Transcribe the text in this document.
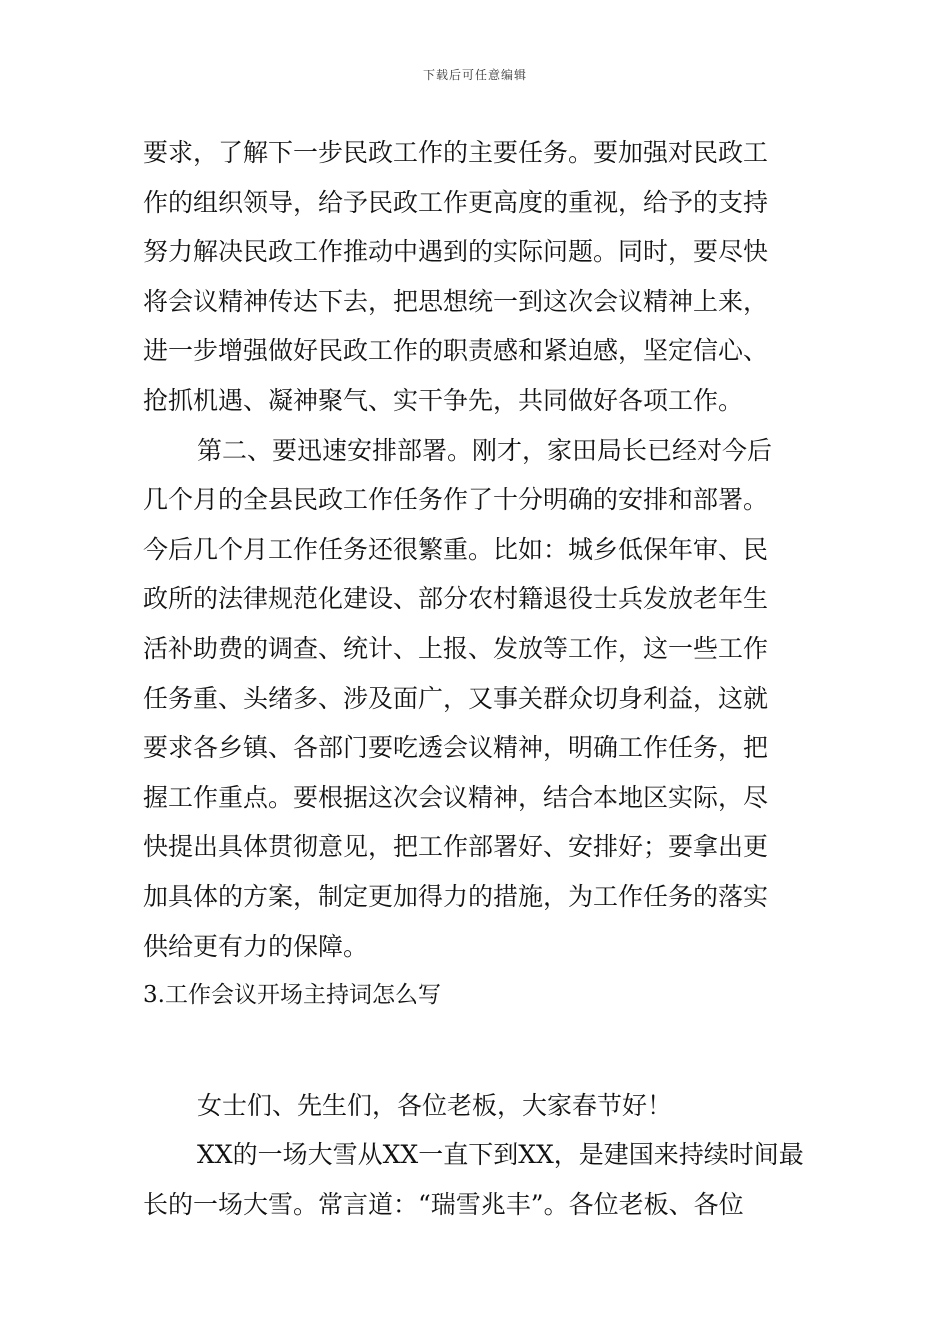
下载后可任意编辑
要求，了解下一步民政工作的主要任务。要加强对民政工
作的组织领导，给予民政工作更高度的重视，给予的支持
努力解决民政工作推动中遇到的实际问题。同时，要尽快
将会议精神传达下去，把思想统一到这次会议精神上来，
进一步增强做好民政工作的职责感和紧迫感，坚定信心、
抢抓机遇、凝神聚气、实干争先，共同做好各项工作。
第二、要迅速安排部署。刚才，家田局长已经对今后
几个月的全县民政工作任务作了十分明确的安排和部署。
今后几个月工作任务还很繁重。比如：城乡低保年审、民
政所的法律规范化建设、部分农村籍退役士兵发放老年生
活补助费的调查、统计、上报、发放等工作，这一些工作
任务重、头绪多、涉及面广，又事关群众切身利益，这就
要求各乡镇、各部门要吃透会议精神，明确工作任务，把
握工作重点。要根据这次会议精神，结合本地区实际，尽
快提出具体贯彻意见，把工作部署好、安排好；要拿出更
加具体的方案，制定更加得力的措施，为工作任务的落实
供给更有力的保障。
3.工作会议开场主持词怎么写
女士们、先生们，各位老板，大家春节好！
XX的一场大雪从XX一直下到XX，是建国来持续时间最
长的一场大雪。常言道：“瑞雪兆丰”。各位老板、各位
